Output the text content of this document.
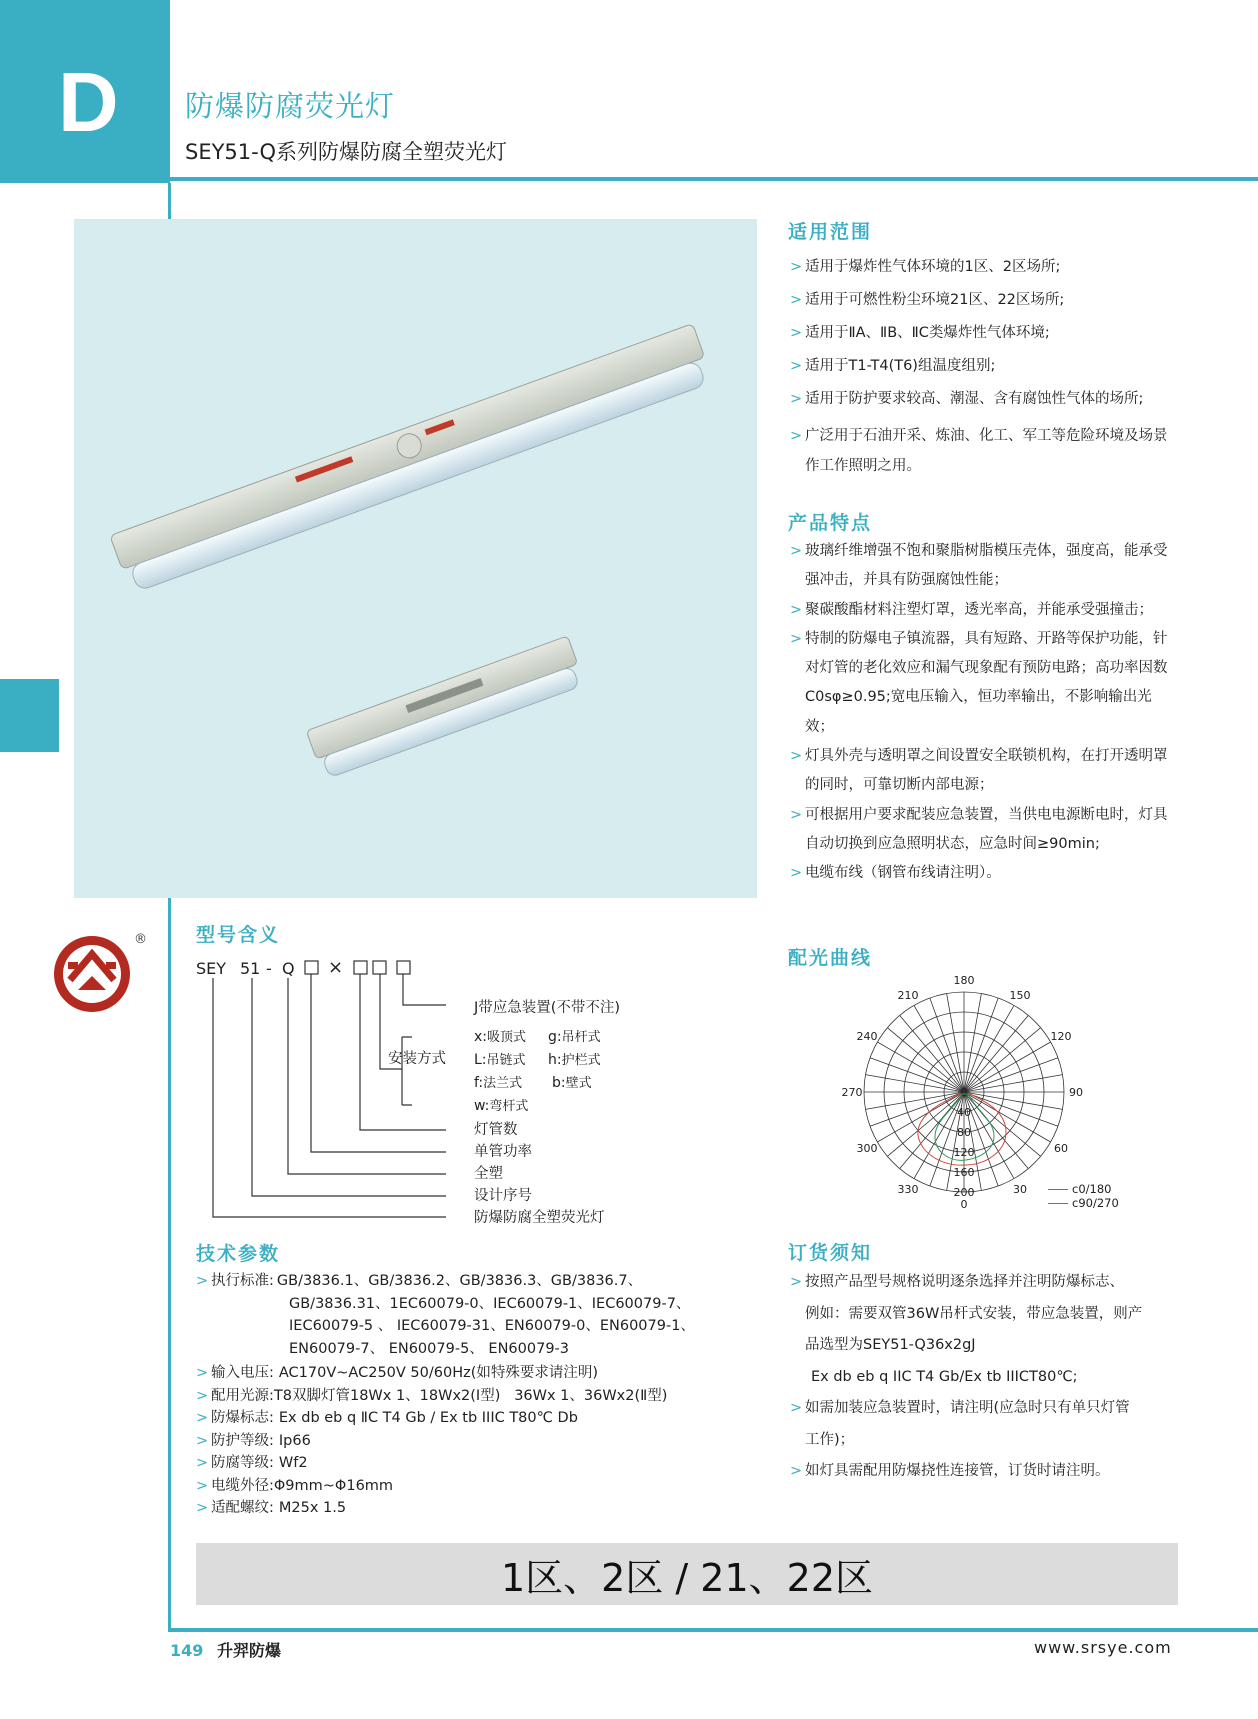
D 防爆防腐荧光灯
SEY51-Q系列防爆防腐全塑荧光灯
适用范围
> 适用于爆炸性气体环境的1区、2区场所;
> 适用于可燃性粉尘环境21区、22区场所;
> 适用于ⅡA、ⅡB、ⅡC类爆炸性气体环境;
> 适用于T1-T4(T6)组温度组别;
> 适用于防护要求较高、潮湿、含有腐蚀性气体的场所;
> 广泛用于石油开采、炼油、化工、军工等危险环境及场景作工作照明之用。
产品特点
> 玻璃纤维增强不饱和聚脂树脂模压壳体，强度高，能承受强冲击，并具有防强腐蚀性能；
> 聚碳酸酯材料注塑灯罩，透光率高，并能承受强撞击；
> 特制的防爆电子镇流器，具有短路、开路等保护功能，针对灯管的老化效应和漏气现象配有预防电路；高功率因数C0sφ≥0.95;宽电压输入，恒功率输出，不影响输出光效；
> 灯具外壳与透明罩之间设置安全联锁机构，在打开透明罩的同时，可靠切断内部电源；
> 可根据用户要求配装应急装置，当供电电源断电时，灯具自动切换到应急照明状态，应急时间≥90min;
> 电缆布线（钢管布线请注明）。
®	型号含义
SEY 51 - Q ×
J带应急装置(不带不注)
安装方式
x:吸顶式 g:吊杆式
L:吊链式 h:护栏式
f:法兰式 b:壁式
w:弯杆式
灯管数
单管功率
全塑
设计序号
防爆防腐全塑荧光灯
配光曲线
180
150
120
90
60
30
0
330
300
270
240
210
0
40
80
120
160
200	c0/180
c90/270
技术参数
> 执行标准: GB/3836.1、GB/3836.2、GB/3836.3、GB/3836.7、
GB/3836.31、1EC60079-0、IEC60079-1、IEC60079-7、
IEC60079-5 、 IEC60079-31、EN60079-0、EN60079-1、
EN60079-7、 EN60079-5、 EN60079-3
> 输入电压: AC170V~AC250V 50/60Hz(如特殊要求请注明)
> 配用光源:T8双脚灯管18Wx 1、18Wx2(Ⅰ型)   36Wx 1、36Wx2(Ⅱ型)
> 防爆标志: Ex db eb q ⅡC T4 Gb / Ex tb IIIC T80℃ Db
> 防护等级: Ip66
> 防腐等级: Wf2
> 电缆外径:Φ9mm~Φ16mm
> 适配螺纹: M25x 1.5
订货须知
> 按照产品型号规格说明逐条选择并注明防爆标志、
例如：需要双管36W吊杆式安装，带应急装置，则产
品选型为SEY51-Q36x2gJ
Ex db eb q IIC T4 Gb/Ex tb IIICT80℃;
> 如需加装应急装置时，请注明(应急时只有单只灯管
工作)；
> 如灯具需配用防爆挠性连接管，订货时请注明。
1区、2区 / 21、22区
149 升羿防爆	www.srsye.com
